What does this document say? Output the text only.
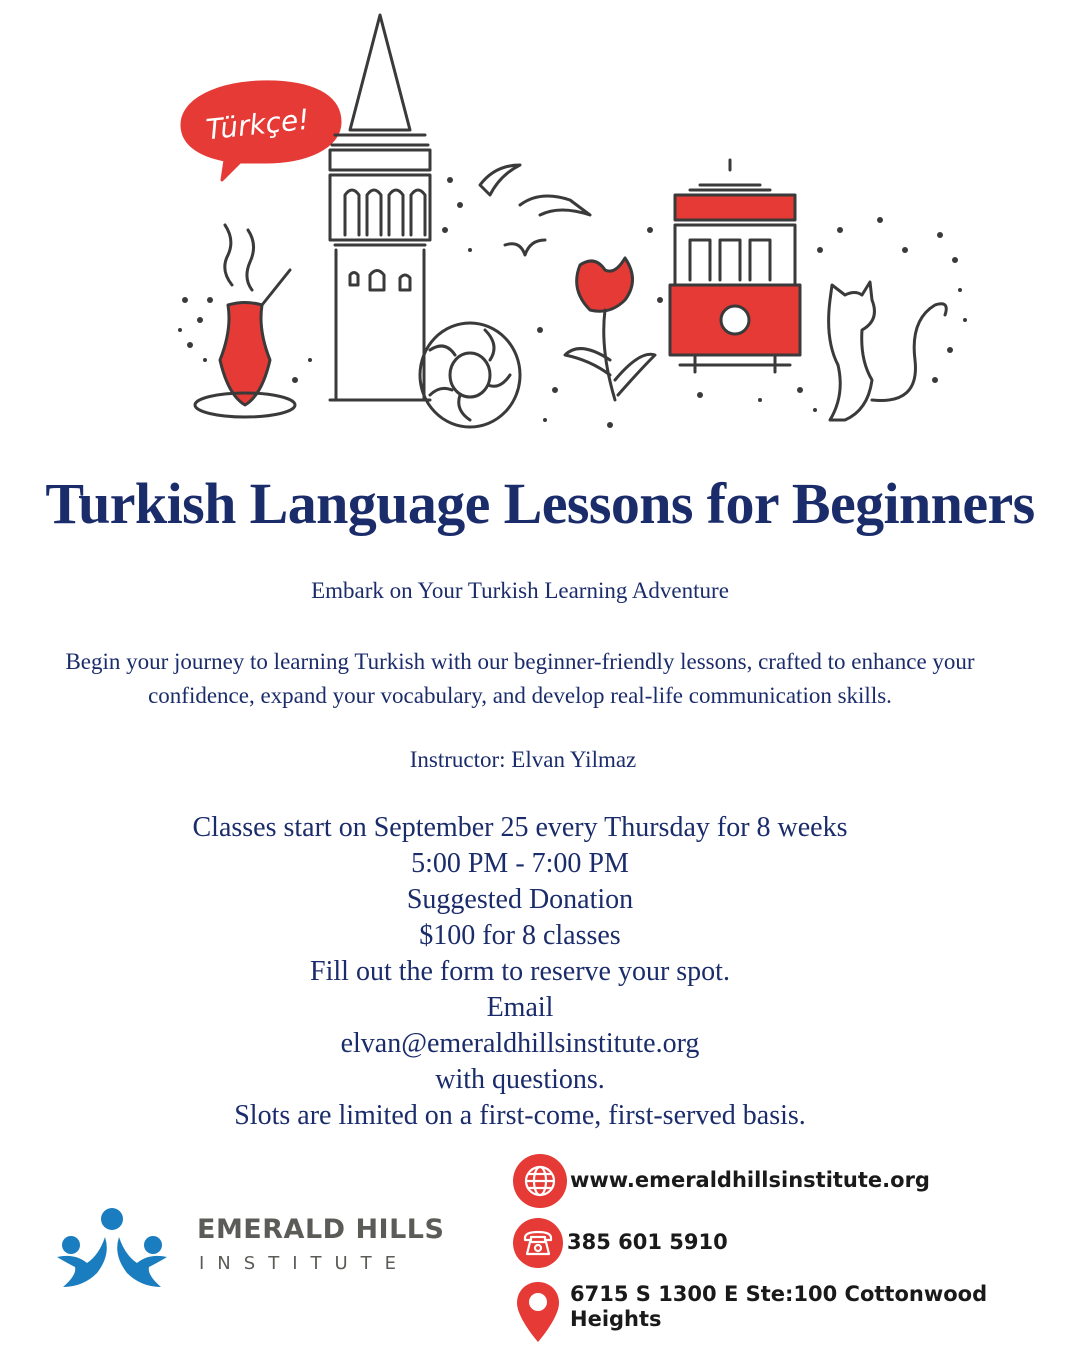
Türkçe!
Turkish Language Lessons for Beginners

Embark on Your Turkish Learning Adventure

Begin your journey to learning Turkish with our beginner-friendly lessons, crafted to enhance your confidence, expand your vocabulary, and develop real-life communication skills.

Instructor: Elvan Yilmaz

Classes start on September 25 every Thursday for 8 weeks
5:00 PM - 7:00 PM
Suggested Donation
$100 for 8 classes
Fill out the form to reserve your spot.
Email
elvan@emeraldhillsinstitute.org
with questions.
Slots are limited on a first-come, first-served basis.
EMERALD HILLS
INSTITUTE
www.emeraldhillsinstitute.org
385 601 5910
6715 S 1300 E Ste:100 Cottonwood Heights
